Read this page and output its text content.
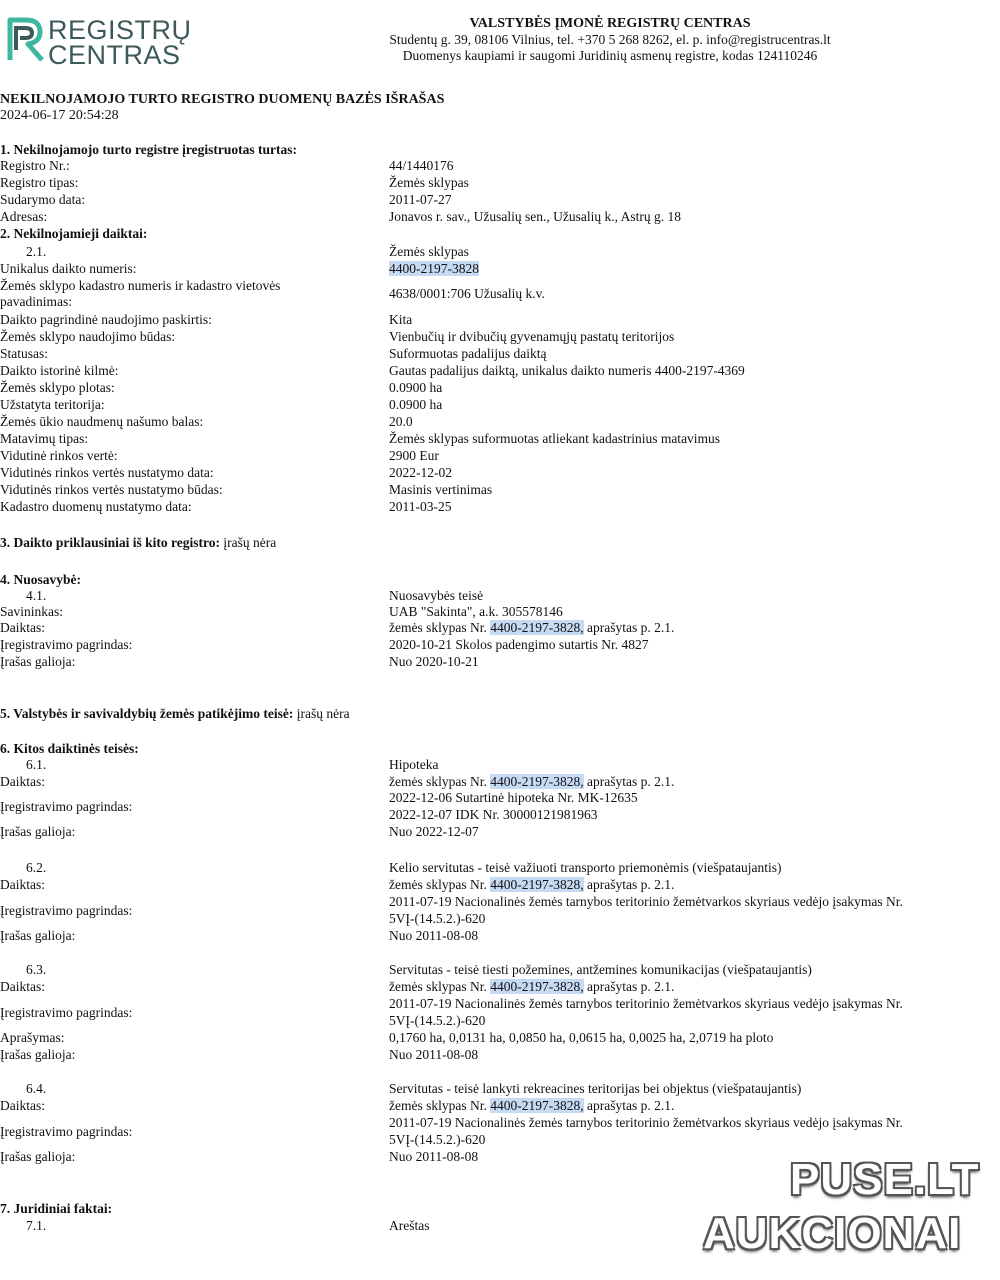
REGISTRŲ
CENTRAS
VALSTYBĖS ĮMONĖ REGISTRŲ CENTRAS
Studentų g. 39, 08106 Vilnius, tel. +370 5 268 8262, el. p. info@registrucentras.lt
Duomenys kaupiami ir saugomi Juridinių asmenų registre, kodas 124110246
NEKILNOJAMOJO TURTO REGISTRO DUOMENŲ BAZĖS IŠRAŠAS
2024-06-17 20:54:28
1. Nekilnojamojo turto registre įregistruotas turtas:
Registro Nr.:	44/1440176
Registro tipas:	Žemės sklypas
Sudarymo data:	2011-07-27
Adresas:	Jonavos r. sav., Užusalių sen., Užusalių k., Astrų g. 18
2. Nekilnojamieji daiktai:
2.1.	Žemės sklypas
Unikalus daikto numeris:	4400-2197-3828
Žemės sklypo kadastro numeris ir kadastro vietovės pavadinimas:
4638/0001:706 Užusalių k.v.
Daikto pagrindinė naudojimo paskirtis:	Kita
Žemės sklypo naudojimo būdas:	Vienbučių ir dvibučių gyvenamųjų pastatų teritorijos
Statusas:	Suformuotas padalijus daiktą
Daikto istorinė kilmė:	Gautas padalijus daiktą, unikalus daikto numeris 4400-2197-4369
Žemės sklypo plotas:	0.0900 ha
Užstatyta teritorija:	0.0900 ha
Žemės ūkio naudmenų našumo balas:	20.0
Matavimų tipas:	Žemės sklypas suformuotas atliekant kadastrinius matavimus
Vidutinė rinkos vertė:	2900 Eur
Vidutinės rinkos vertės nustatymo data:	2022-12-02
Vidutinės rinkos vertės nustatymo būdas:	Masinis vertinimas
Kadastro duomenų nustatymo data:	2011-03-25
3. Daikto priklausiniai iš kito registro: įrašų nėra
4. Nuosavybė:
4.1.	Nuosavybės teisė
Savininkas:	UAB "Sakinta", a.k. 305578146
Daiktas:	žemės sklypas Nr. 4400-2197-3828, aprašytas p. 2.1.
Įregistravimo pagrindas:	2020-10-21 Skolos padengimo sutartis Nr. 4827
Įrašas galioja:	Nuo 2020-10-21
5. Valstybės ir savivaldybių žemės patikėjimo teisė: įrašų nėra
6. Kitos daiktinės teisės:
6.1.	Hipoteka
Daiktas:	žemės sklypas Nr. 4400-2197-3828, aprašytas p. 2.1.
Įregistravimo pagrindas:
2022-12-06 Sutartinė hipoteka Nr. MK-12635
2022-12-07 IDK Nr. 30000121981963
Įrašas galioja:	Nuo 2022-12-07
6.2.	Kelio servitutas - teisė važiuoti transporto priemonėmis (viešpataujantis)
Daiktas:	žemės sklypas Nr. 4400-2197-3828, aprašytas p. 2.1.
Įregistravimo pagrindas:
2011-07-19 Nacionalinės žemės tarnybos teritorinio žemėtvarkos skyriaus vedėjo įsakymas Nr.
5VĮ-(14.5.2.)-620
Įrašas galioja:	Nuo 2011-08-08
6.3.	Servitutas - teisė tiesti požemines, antžemines komunikacijas (viešpataujantis)
Daiktas:	žemės sklypas Nr. 4400-2197-3828, aprašytas p. 2.1.
Įregistravimo pagrindas:
2011-07-19 Nacionalinės žemės tarnybos teritorinio žemėtvarkos skyriaus vedėjo įsakymas Nr.
5VĮ-(14.5.2.)-620
Aprašymas:	0,1760 ha, 0,0131 ha, 0,0850 ha, 0,0615 ha, 0,0025 ha, 2,0719 ha ploto
Įrašas galioja:	Nuo 2011-08-08
6.4.	Servitutas - teisė lankyti rekreacines teritorijas bei objektus (viešpataujantis)
Daiktas:	žemės sklypas Nr. 4400-2197-3828, aprašytas p. 2.1.
Įregistravimo pagrindas:
2011-07-19 Nacionalinės žemės tarnybos teritorinio žemėtvarkos skyriaus vedėjo įsakymas Nr.
5VĮ-(14.5.2.)-620
Įrašas galioja:	Nuo 2011-08-08
7. Juridiniai faktai:
7.1.	Areštas
PUSE.LT
AUKCIONAI
